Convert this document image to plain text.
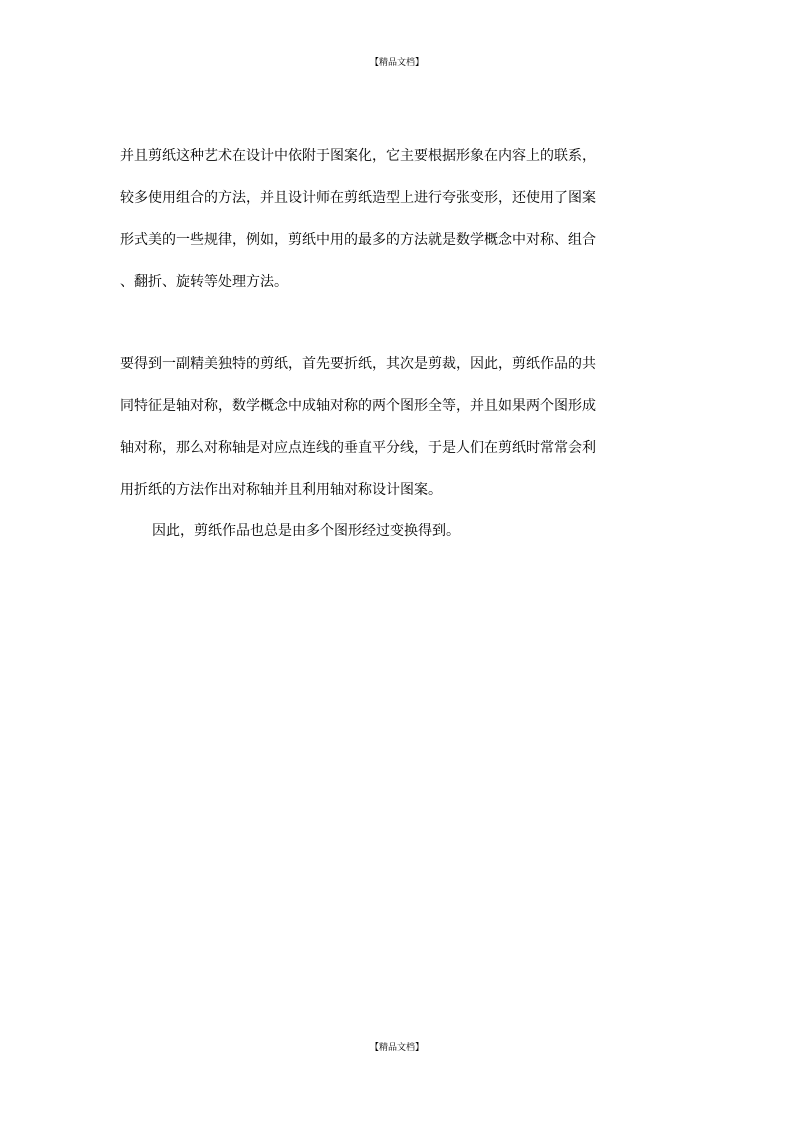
【精品文档】
并且剪纸这种艺术在设计中依附于图案化，它主要根据形象在内容上的联系，
较多使用组合的方法，并且设计师在剪纸造型上进行夸张变形，还使用了图案
形式美的一些规律，例如，剪纸中用的最多的方法就是数学概念中对称、组合
、翻折、旋转等处理方法。
要得到一副精美独特的剪纸，首先要折纸，其次是剪裁，因此，剪纸作品的共
同特征是轴对称，数学概念中成轴对称的两个图形全等，并且如果两个图形成
轴对称，那么对称轴是对应点连线的垂直平分线，于是人们在剪纸时常常会利
用折纸的方法作出对称轴并且利用轴对称设计图案。
因此，剪纸作品也总是由多个图形经过变换得到。
【精品文档】
